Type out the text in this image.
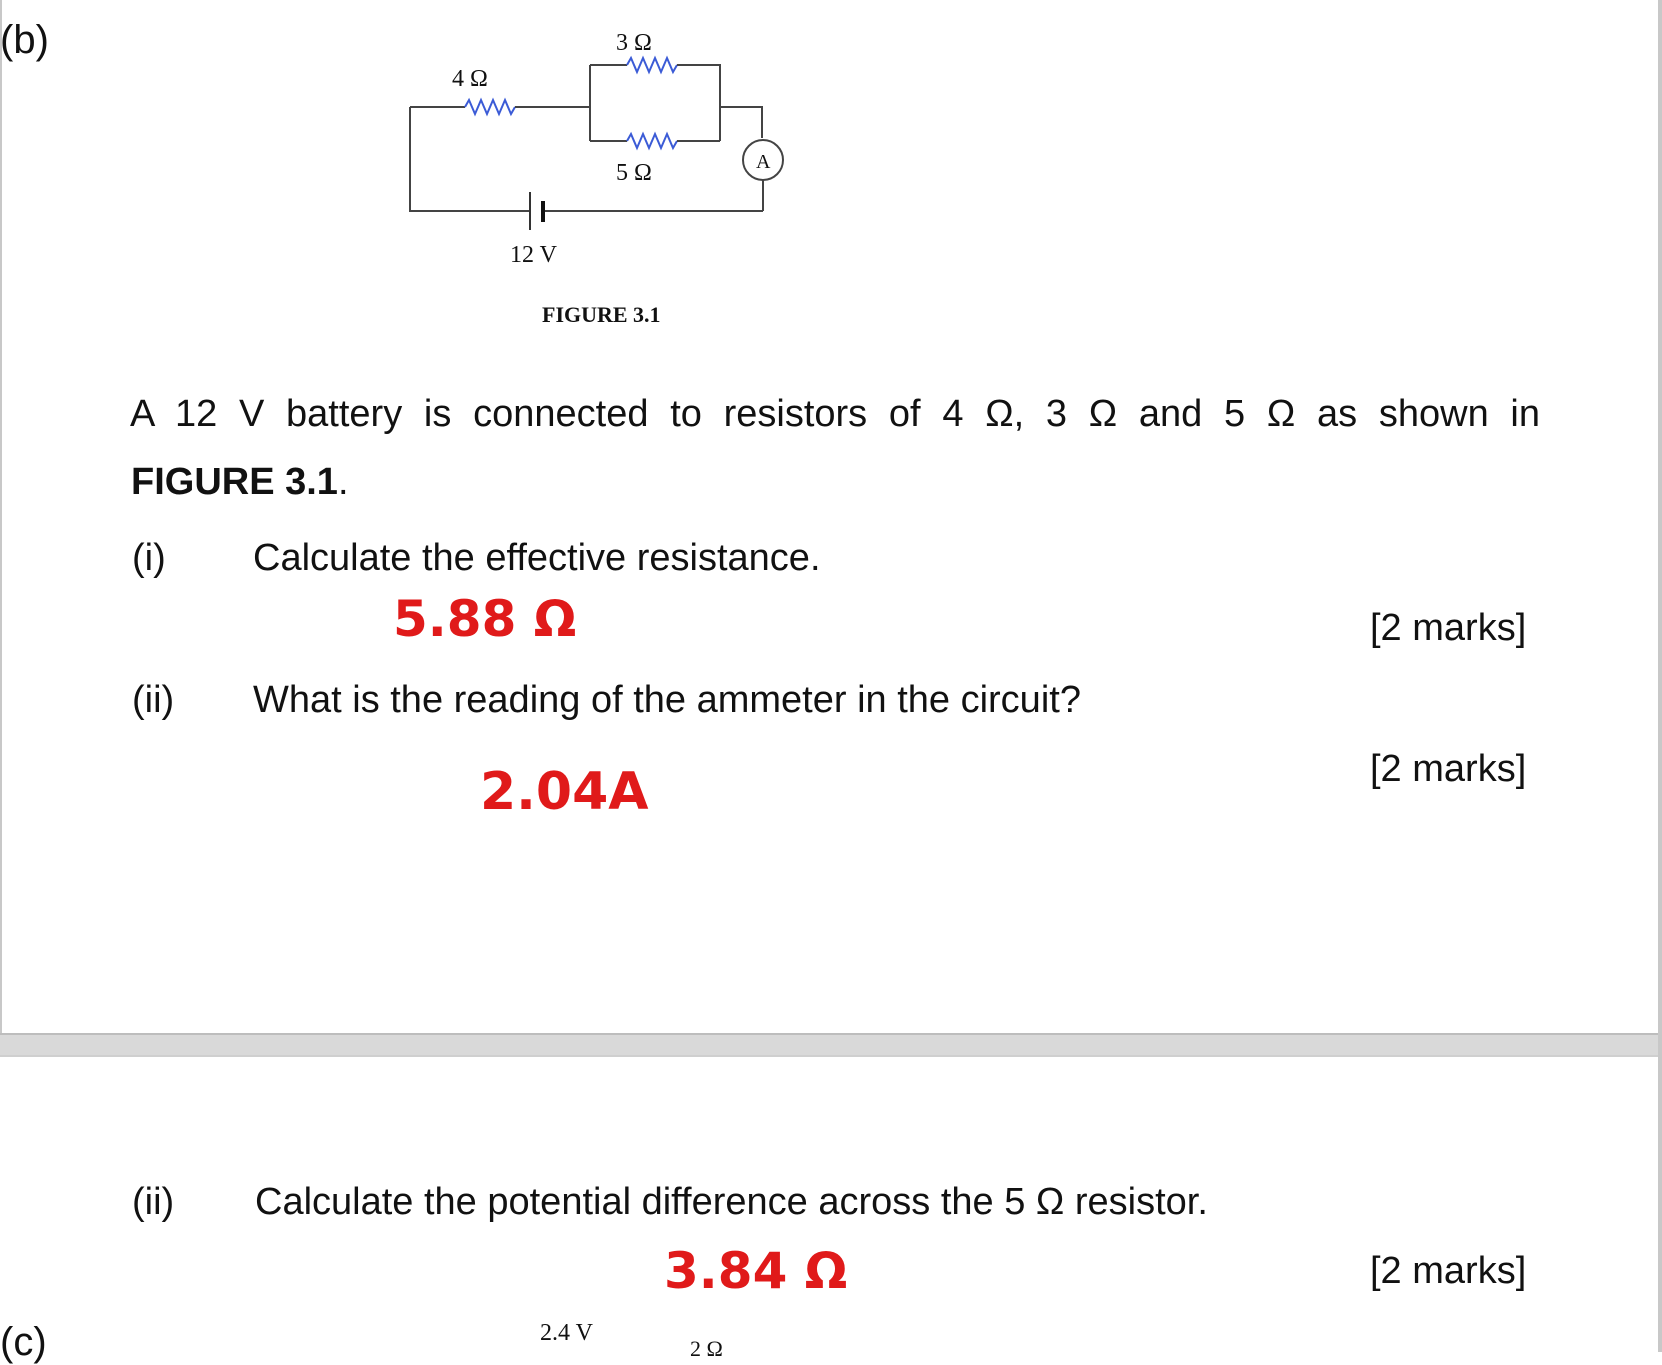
(b)	3 Ω
4 Ω
5 Ω	A
12 V
FIGURE 3.1
A 12 V battery is connected to resistors of 4 Ω, 3 Ω and 5 Ω as shown in
FIGURE 3.1.
(i) Calculate the effective resistance.
5.88 Ω	[2 marks]
(ii) What is the reading of the ammeter in the circuit?
2.04A	[2 marks]
(ii) Calculate the potential difference across the 5 Ω resistor.
3.84 Ω	[2 marks]
(c)	2.4 V
2 Ω
